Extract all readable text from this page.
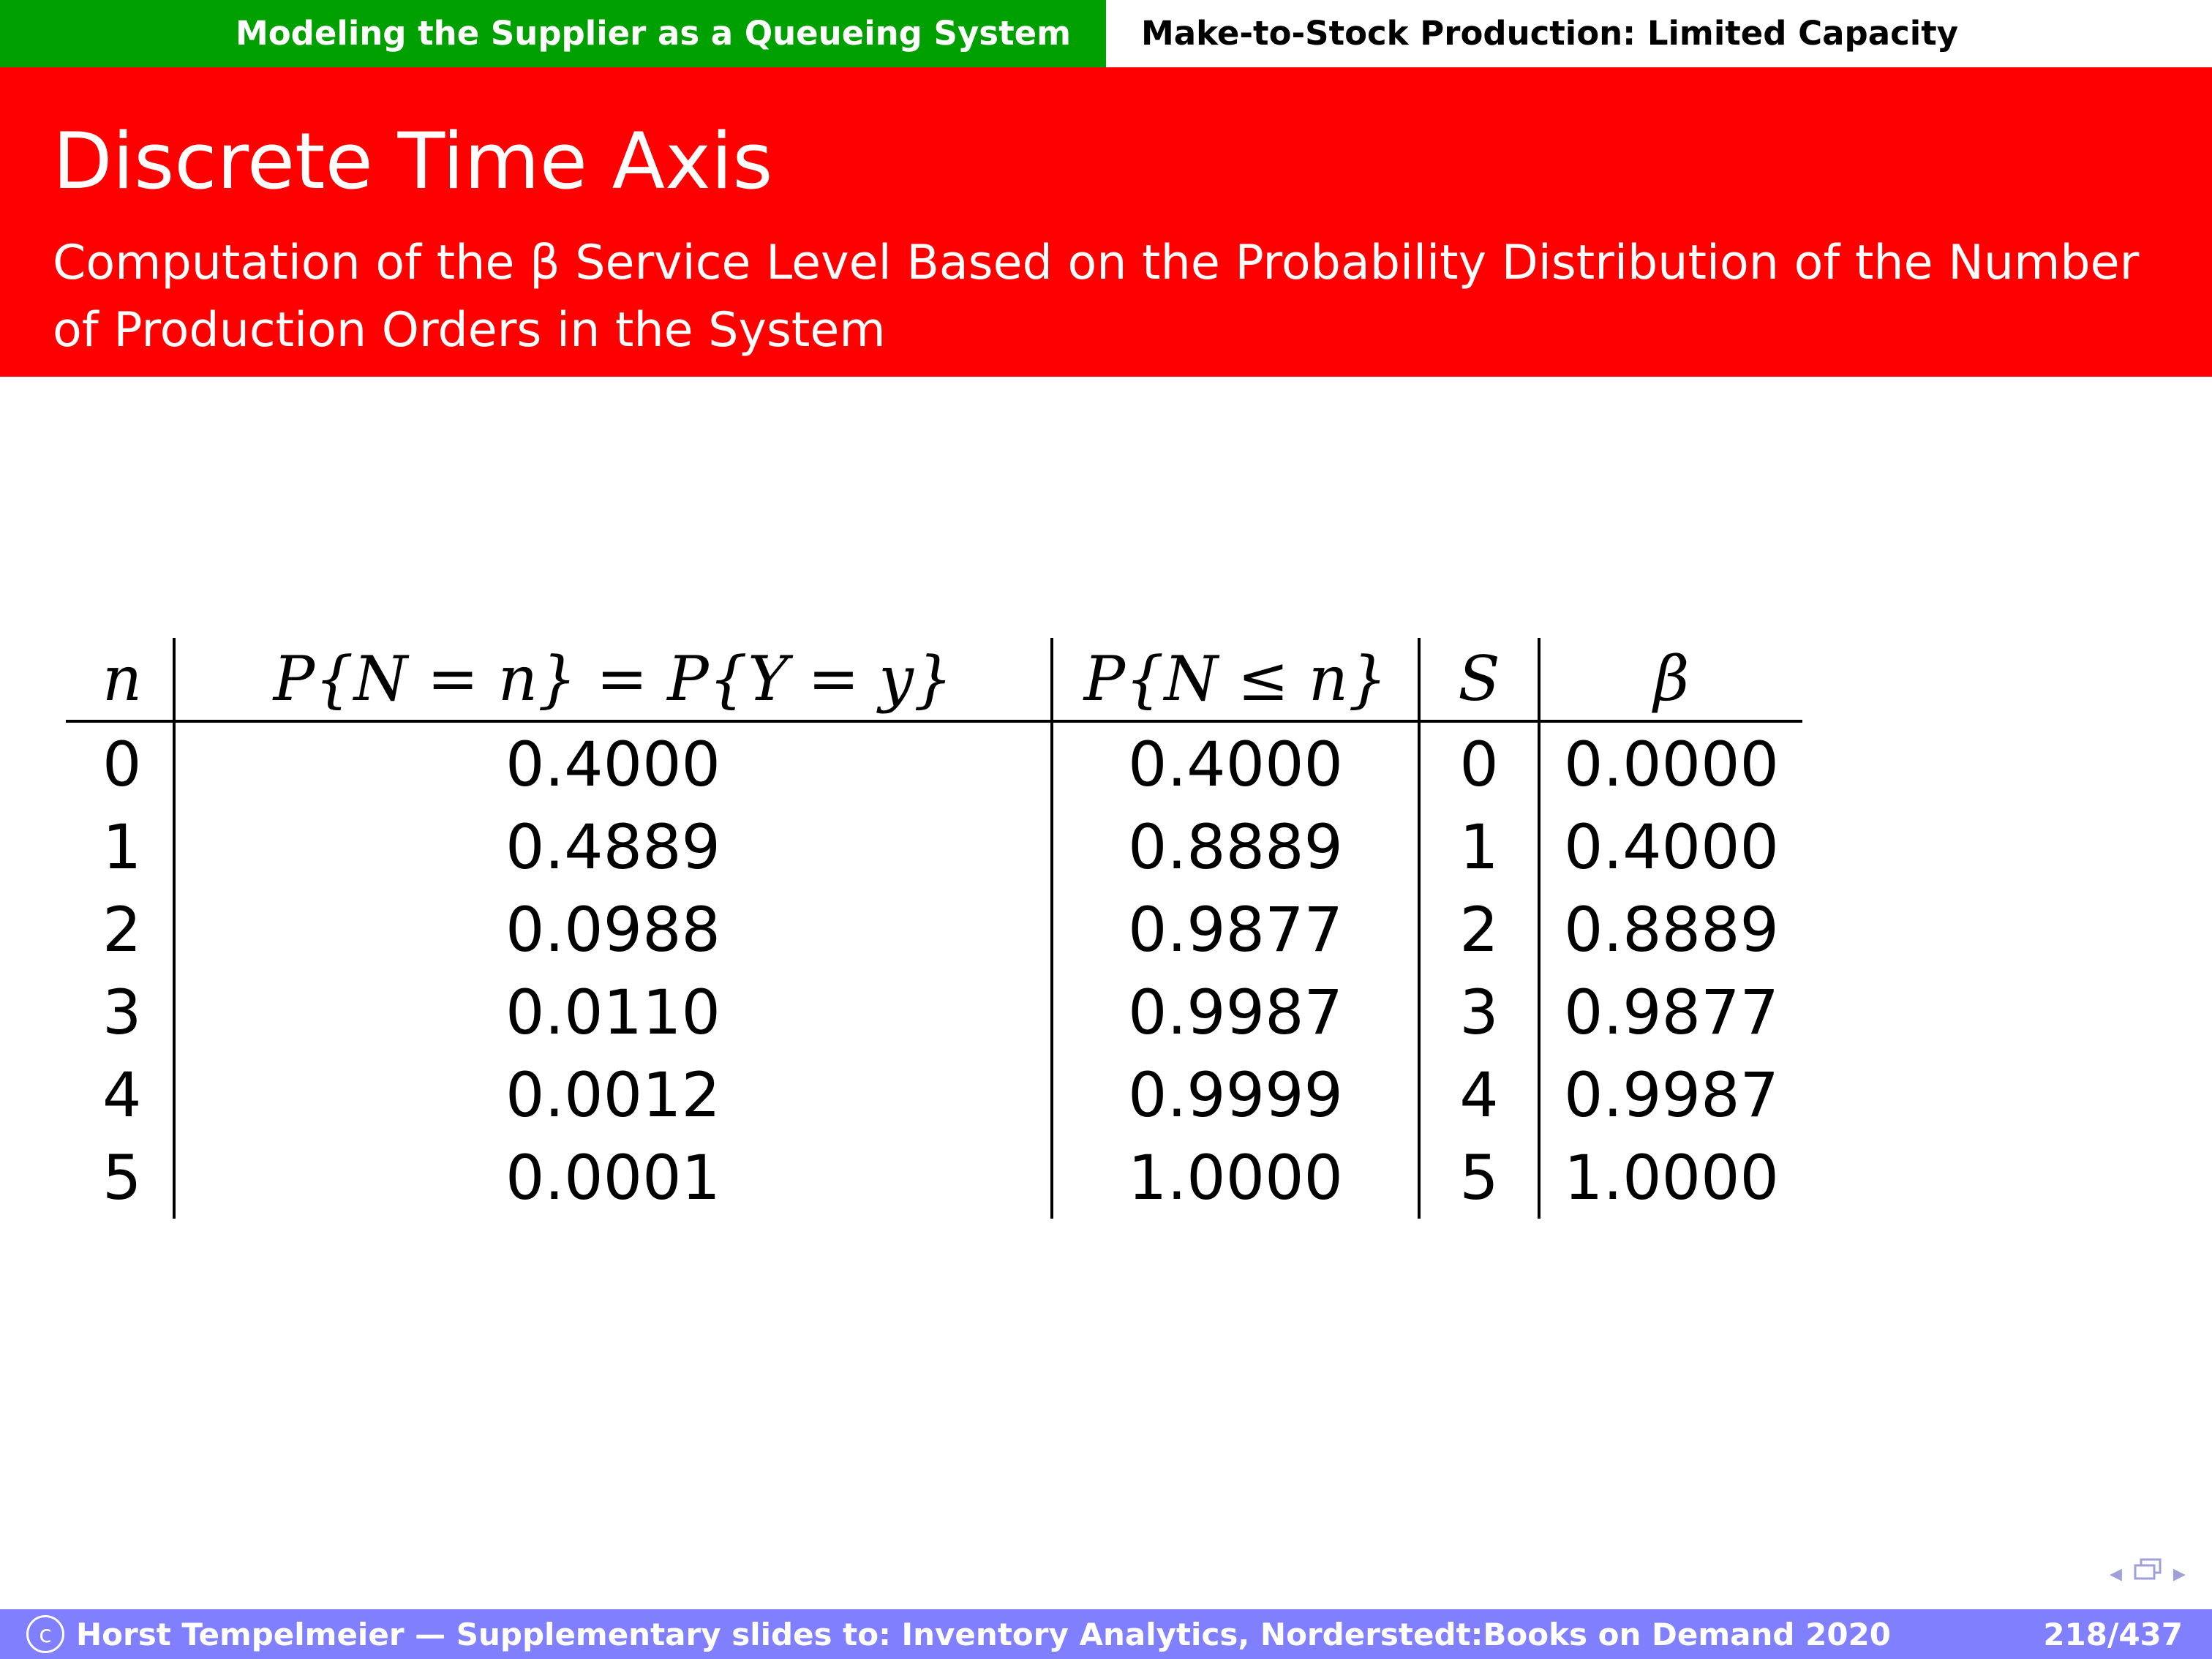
Modeling the Supplier as a Queueing System	Make-to-Stock Production: Limited Capacity
Discrete Time Axis
Computation of the β Service Level Based on the Probability Distribution of the Number of Production Orders in the System
n	P{N = n} = P{Y = y}	P{N ≤ n}	S	β
0	0.4000	0.4000	0	0.0000
1	0.4889	0.8889	1	0.4000
2	0.0988	0.9877	2	0.8889
3	0.0110	0.9987	3	0.9877
4	0.0012	0.9999	4	0.9987
5	0.0001	1.0000	5	1.0000
◂ ▸
c Horst Tempelmeier — Supplementary slides to: Inventory Analytics, Norderstedt:Books on Demand 2020	218/437
